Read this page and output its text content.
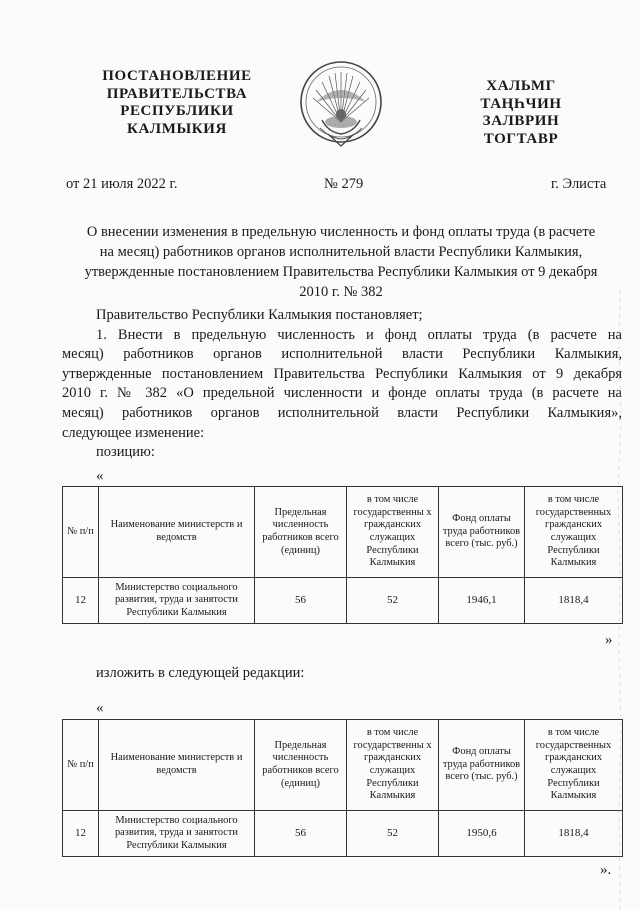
ПОСТАНОВЛЕНИЕ
ПРАВИТЕЛЬСТВА
РЕСПУБЛИКИ
КАЛМЫКИЯ
ХАЛЬМГ
ТАҢҺЧИН
ЗАЛВРИН
ТОГТАВР
от 21 июля 2022 г.	№ 279	г. Элиста
О внесении изменения в предельную численность и фонд оплаты труда (в расчете
на месяц) работников органов исполнительной власти Республики Калмыкия,
утвержденные постановлением Правительства Республики Калмыкия от 9 декабря
2010 г. № 382
Правительство Республики Калмыкия постановляет;
1. Внести в предельную численность и фонд оплаты труда (в расчете на
месяц) работников органов исполнительной власти Республики Калмыкия,
утвержденные постановлением Правительства Республики Калмыкия от 9 декабря
2010 г. № 382 «О предельной численности и фонде оплаты труда (в расчете на
месяц) работников органов исполнительной власти Республики Калмыкия»,
следующее изменение:
позицию:
«
№ п/п	Наименование министерств и ведомств	Предельная численность работников всего (единиц)	в том числе государственны х гражданских служащих Республики Калмыкия	Фонд оплаты труда работников всего (тыс. руб.)	в том числе государственных гражданских служащих Республики Калмыкия
12	Министерство социального развития, труда и занятости Республики Калмыкия	56	52	1946,1	1818,4
»
изложить в следующей редакции:
«
№ п/п	Наименование министерств и ведомств	Предельная численность работников всего (единиц)	в том числе государственны х гражданских служащих Республики Калмыкия	Фонд оплаты труда работников всего (тыс. руб.)	в том числе государственных гражданских служащих Республики Калмыкия
12	Министерство социального развития, труда и занятости Республики Калмыкия	56	52	1950,6	1818,4
».
